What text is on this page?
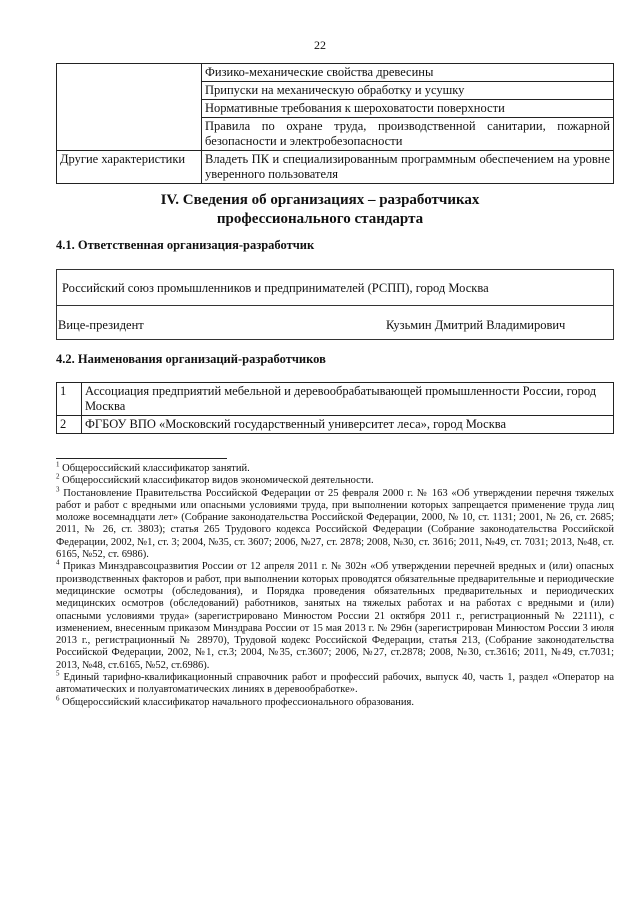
22
	Физико-механические свойства древесины
	Припуски на механическую обработку и усушку
	Нормативные требования к шероховатости поверхности
	Правила по охране труда, производственной санитарии, пожарной безопасности и электробезопасности
Другие характеристики	Владеть ПК и специализированным программным обеспечением на уровне уверенного пользователя
IV. Сведения об организациях – разработчиках
профессионального стандарта
4.1. Ответственная организация-разработчик
Российский союз промышленников и предпринимателей (РСПП), город Москва
Вице-президент	Кузьмин Дмитрий Владимирович
4.2. Наименования организаций-разработчиков
1	Ассоциация предприятий мебельной и деревообрабатывающей промышленности России, город Москва
2	ФГБОУ ВПО «Московский государственный университет леса», город Москва

$^1$ Общероссийский классификатор занятий.

$^2$ Общероссийский классификатор видов экономической деятельности.

$^3$ Постановление Правительства Российской Федерации от 25 февраля 2000 г. № 163 «Об утверждении перечня тяжелых работ и работ с вредными или опасными условиями труда, при выполнении которых запрещается применение труда лиц моложе восемнадцати лет» (Собрание законодательства Российской Федерации, 2000, № 10, ст. 1131; 2001, № 26, ст. 2685; 2011, № 26, ст. 3803); статья 265 Трудового кодекса Российской Федерации (Собрание законодательства Российской Федерации, 2002, №1, ст. 3; 2004, №35, ст. 3607; 2006, №27, ст. 2878; 2008, №30, ст. 3616; 2011, №49, ст. 7031; 2013, №48, ст. 6165, №52, ст. 6986).

$^4$ Приказ Минздравсоцразвития России от 12 апреля 2011 г. № 302н «Об утверждении перечней вредных и (или) опасных производственных факторов и работ, при выполнении которых проводятся обязательные предварительные и периодические медицинские осмотры (обследования), и Порядка проведения обязательных предварительных и периодических медицинских осмотров (обследований) работников, занятых на тяжелых работах и на работах с вредными и (или) опасными условиями труда» (зарегистрировано Минюстом России 21 октября 2011 г., регистрационный № 22111), с изменением, внесенным приказом Минздрава России от 15 мая 2013 г. № 296н (зарегистрирован Минюстом России 3 июля 2013 г., регистрационный № 28970), Трудовой кодекс Российской Федерации, статья 213, (Собрание законодательства Российской Федерации, 2002, №1, ст.3; 2004, №35, ст.3607; 2006, №27, ст.2878; 2008, №30, ст.3616; 2011, №49, ст.7031; 2013, №48, ст.6165, №52, ст.6986).

$^5$ Единый тарифно-квалификационный справочник работ и профессий рабочих, выпуск 40, часть 1, раздел «Оператор на автоматических и полуавтоматических линиях в деревообработке».

$^6$ Общероссийский классификатор начального профессионального образования.
